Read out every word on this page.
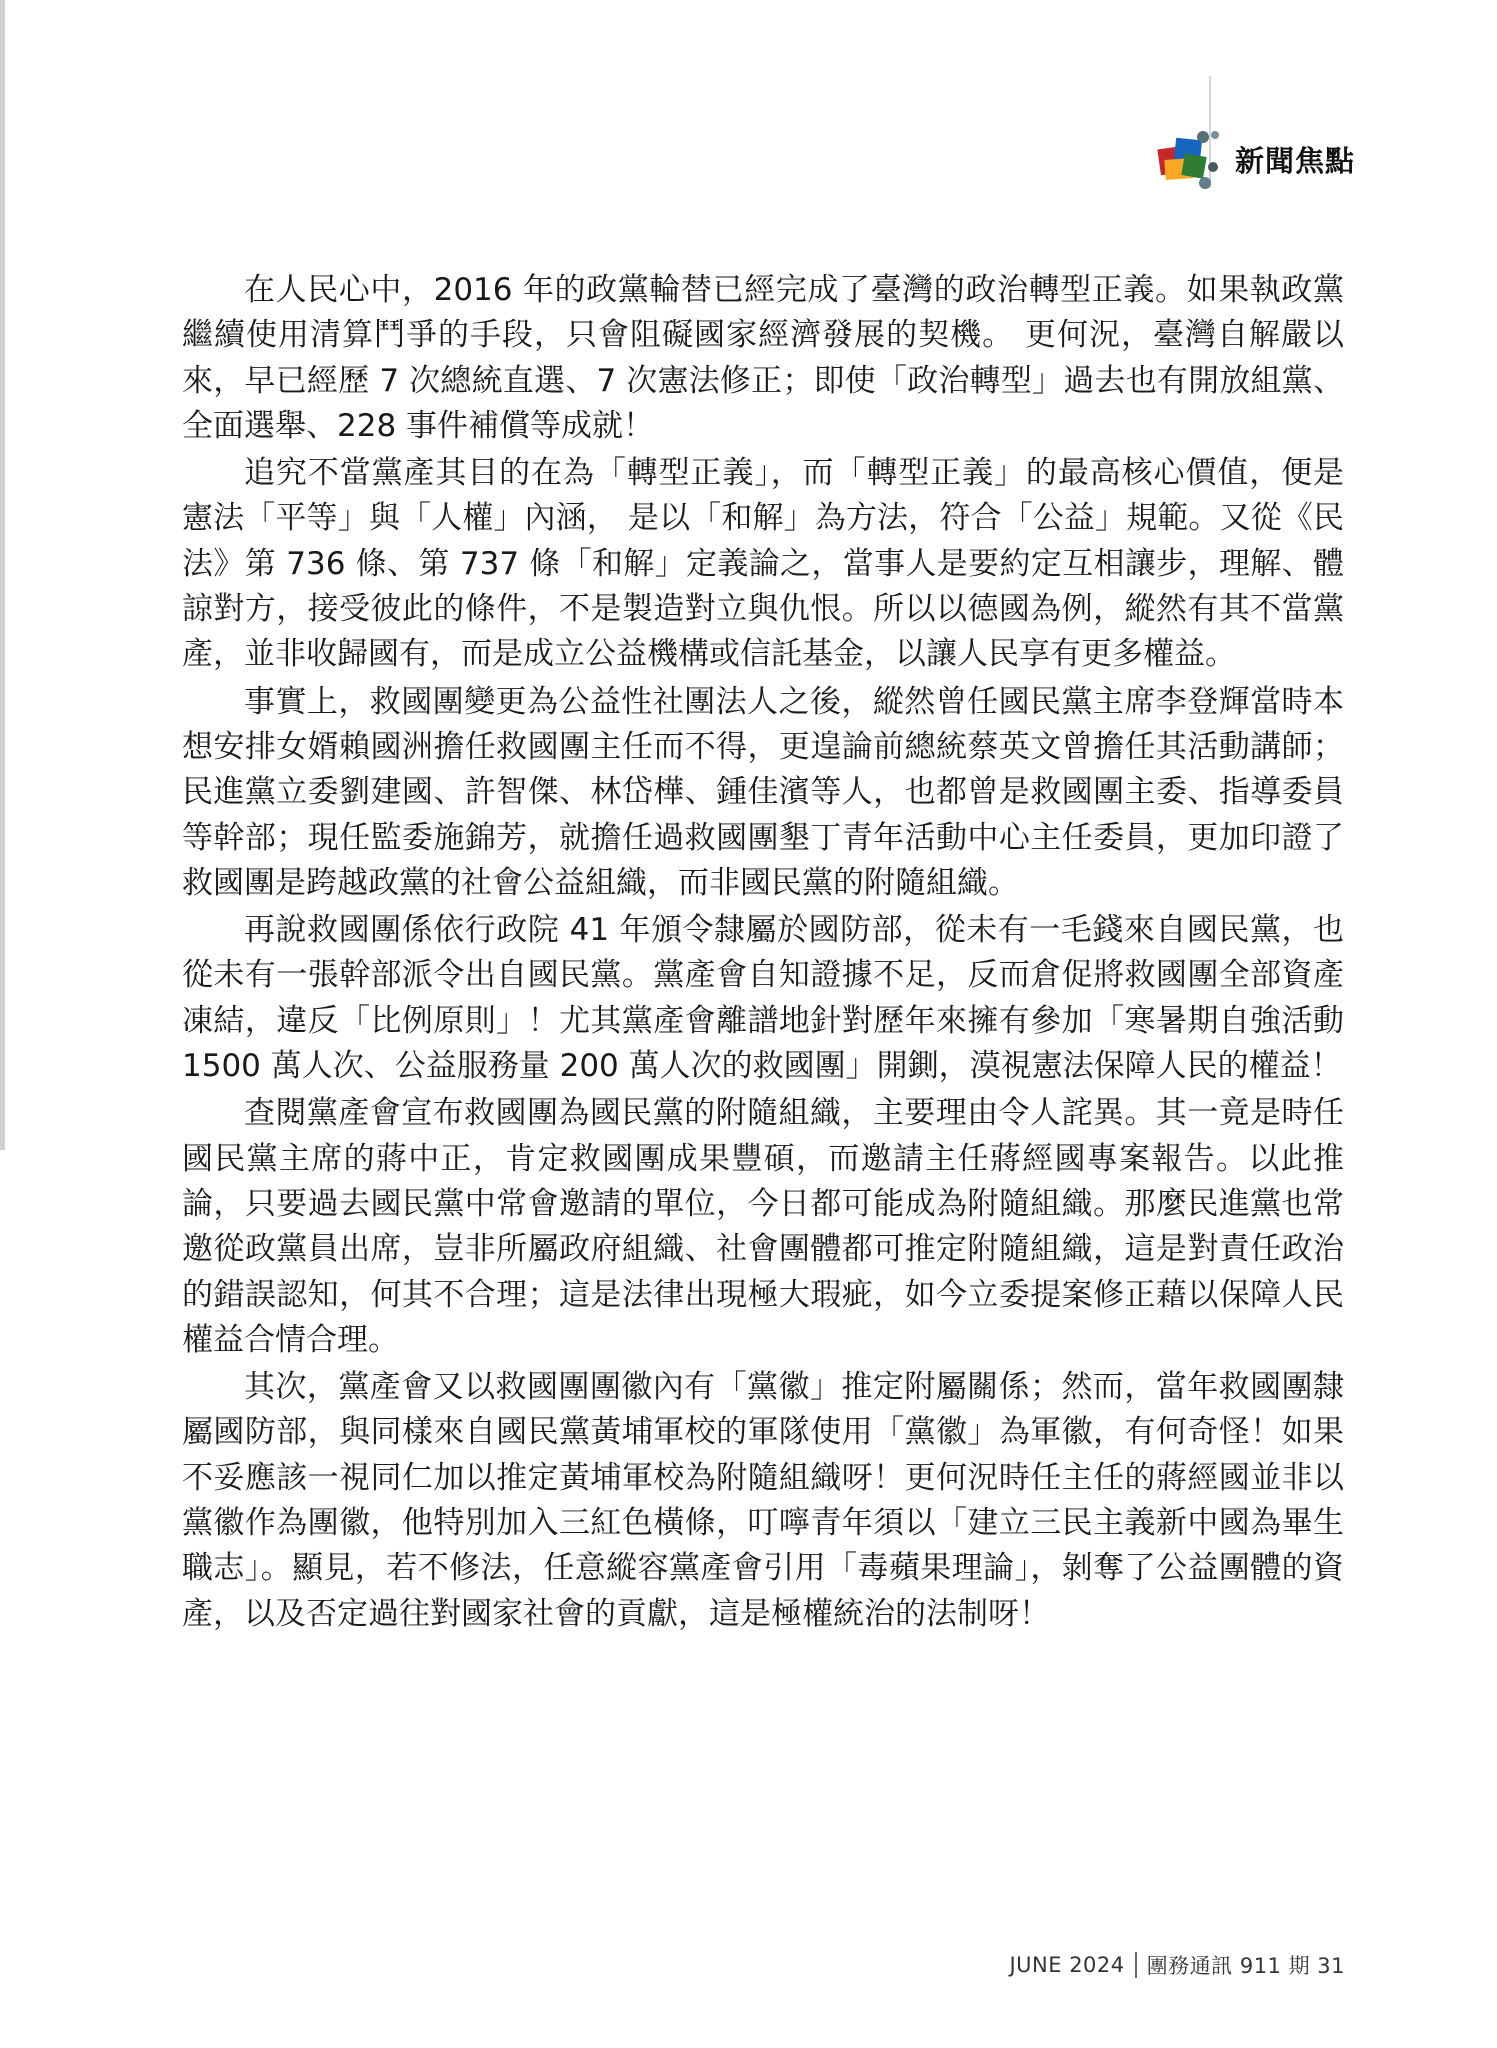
新聞焦點

在人民心中，2016 年的政黨輪替已經完成了臺灣的政治轉型正義。如果執政黨繼續使用清算鬥爭的手段，只會阻礙國家經濟發展的契機。 更何況，臺灣自解嚴以來，早已經歷 7 次總統直選、7 次憲法修正；即使「政治轉型」過去也有開放組黨、全面選舉、228 事件補償等成就！

追究不當黨產其目的在為「轉型正義」，而「轉型正義」的最高核心價值，便是憲法「平等」與「人權」內涵， 是以「和解」為方法，符合「公益」規範。又從《民法》第 736 條、第 737 條「和解」定義論之，當事人是要約定互相讓步，理解、體諒對方，接受彼此的條件，不是製造對立與仇恨。所以以德國為例，縱然有其不當黨產，並非收歸國有，而是成立公益機構或信託基金，以讓人民享有更多權益。

事實上，救國團變更為公益性社團法人之後，縱然曾任國民黨主席李登輝當時本想安排女婿賴國洲擔任救國團主任而不得，更遑論前總統蔡英文曾擔任其活動講師；民進黨立委劉建國、許智傑、林岱樺、鍾佳濱等人，也都曾是救國團主委、指導委員等幹部；現任監委施錦芳，就擔任過救國團墾丁青年活動中心主任委員，更加印證了救國團是跨越政黨的社會公益組織，而非國民黨的附隨組織。

再說救國團係依行政院 41 年頒令隸屬於國防部，從未有一毛錢來自國民黨，也從未有一張幹部派令出自國民黨。黨產會自知證據不足，反而倉促將救國團全部資產凍結，違反「比例原則」！尤其黨產會離譜地針對歷年來擁有參加「寒暑期自強活動 1500 萬人次、公益服務量 200 萬人次的救國團」開鍘，漠視憲法保障人民的權益！

查閱黨產會宣布救國團為國民黨的附隨組織，主要理由令人詫異。其一竟是時任國民黨主席的蔣中正，肯定救國團成果豐碩，而邀請主任蔣經國專案報告。以此推論，只要過去國民黨中常會邀請的單位，今日都可能成為附隨組織。那麼民進黨也常邀從政黨員出席，豈非所屬政府組織、社會團體都可推定附隨組織，這是對責任政治的錯誤認知，何其不合理；這是法律出現極大瑕疵，如今立委提案修正藉以保障人民權益合情合理。

其次，黨產會又以救國團團徽內有「黨徽」推定附屬關係；然而，當年救國團隸屬國防部，與同樣來自國民黨黃埔軍校的軍隊使用「黨徽」為軍徽，有何奇怪！如果不妥應該一視同仁加以推定黃埔軍校為附隨組織呀！更何況時任主任的蔣經國並非以黨徽作為團徽，他特別加入三紅色橫條，叮嚀青年須以「建立三民主義新中國為畢生職志」。顯見，若不修法，任意縱容黨產會引用「毒蘋果理論」，剝奪了公益團體的資產，以及否定過往對國家社會的貢獻，這是極權統治的法制呀！

JUNE 2024 團務通訊 911 期 31
